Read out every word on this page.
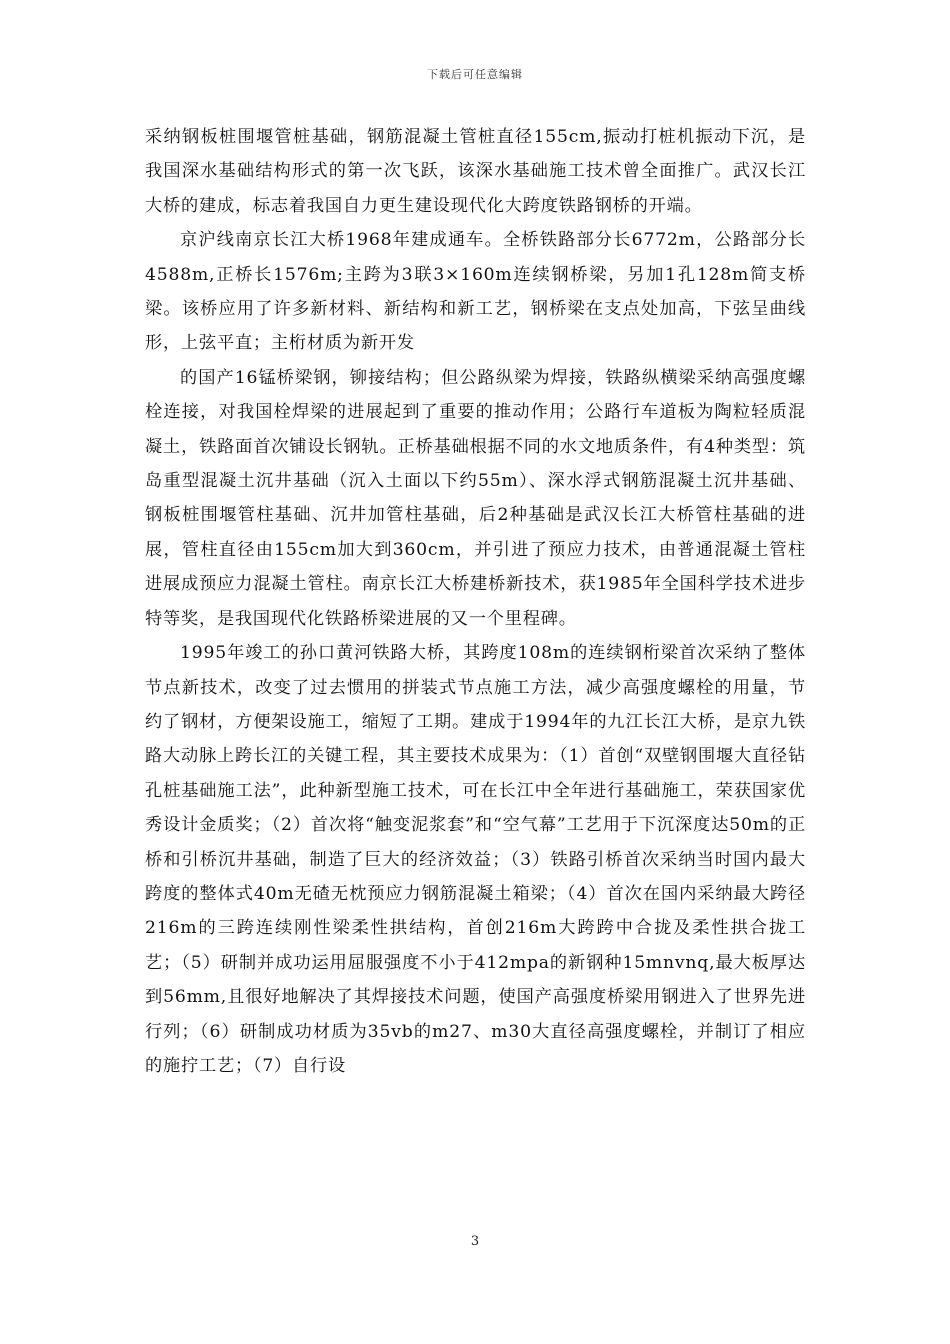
下载后可任意编辑

采纳钢板桩围堰管桩基础，钢筋混凝土管桩直径155cm,振动打桩机振动下沉，是我国深水基础结构形式的第一次飞跃，该深水基础施工技术曾全面推广。武汉长江大桥的建成，标志着我国自力更生建设现代化大跨度铁路钢桥的开端。

京沪线南京长江大桥1968年建成通车。全桥铁路部分长6772m，公路部分长4588m,正桥长1576m;主跨为3联3×160m连续钢桥梁，另加1孔128m简支桥梁。该桥应用了许多新材料、新结构和新工艺，钢桥梁在支点处加高，下弦呈曲线形，上弦平直；主桁材质为新开发

的国产16锰桥梁钢，铆接结构；但公路纵梁为焊接，铁路纵横梁采纳高强度螺栓连接，对我国栓焊梁的进展起到了重要的推动作用；公路行车道板为陶粒轻质混凝土，铁路面首次铺设长钢轨。正桥基础根据不同的水文地质条件，有4种类型：筑岛重型混凝土沉井基础（沉入土面以下约55m）、深水浮式钢筋混凝土沉井基础、钢板桩围堰管柱基础、沉井加管柱基础，后2种基础是武汉长江大桥管柱基础的进展，管柱直径由155cm加大到360cm，并引进了预应力技术，由普通混凝土管柱进展成预应力混凝土管柱。南京长江大桥建桥新技术，获1985年全国科学技术进步特等奖，是我国现代化铁路桥梁进展的又一个里程碑。

1995年竣工的孙口黄河铁路大桥，其跨度108m的连续钢桁梁首次采纳了整体节点新技术，改变了过去惯用的拼装式节点施工方法，减少高强度螺栓的用量，节约了钢材，方便架设施工，缩短了工期。建成于1994年的九江长江大桥，是京九铁路大动脉上跨长江的关键工程，其主要技术成果为：（1）首创“双壁钢围堰大直径钻孔桩基础施工法”，此种新型施工技术，可在长江中全年进行基础施工，荣获国家优秀设计金质奖；（2）首次将“触变泥浆套”和“空气幕”工艺用于下沉深度达50m的正桥和引桥沉井基础，制造了巨大的经济效益；（3）铁路引桥首次采纳当时国内最大跨度的整体式40m无碴无枕预应力钢筋混凝土箱梁；（4）首次在国内采纳最大跨径216m的三跨连续刚性梁柔性拱结构，首创216m大跨跨中合拢及柔性拱合拢工艺；（5）研制并成功运用屈服强度不小于412mpa的新钢种15mnvnq,最大板厚达到56mm,且很好地解决了其焊接技术问题，使国产高强度桥梁用钢进入了世界先进行列；（6）研制成功材质为35vb的m27、m30大直径高强度螺栓，并制订了相应的施拧工艺；（7）自行设

3
